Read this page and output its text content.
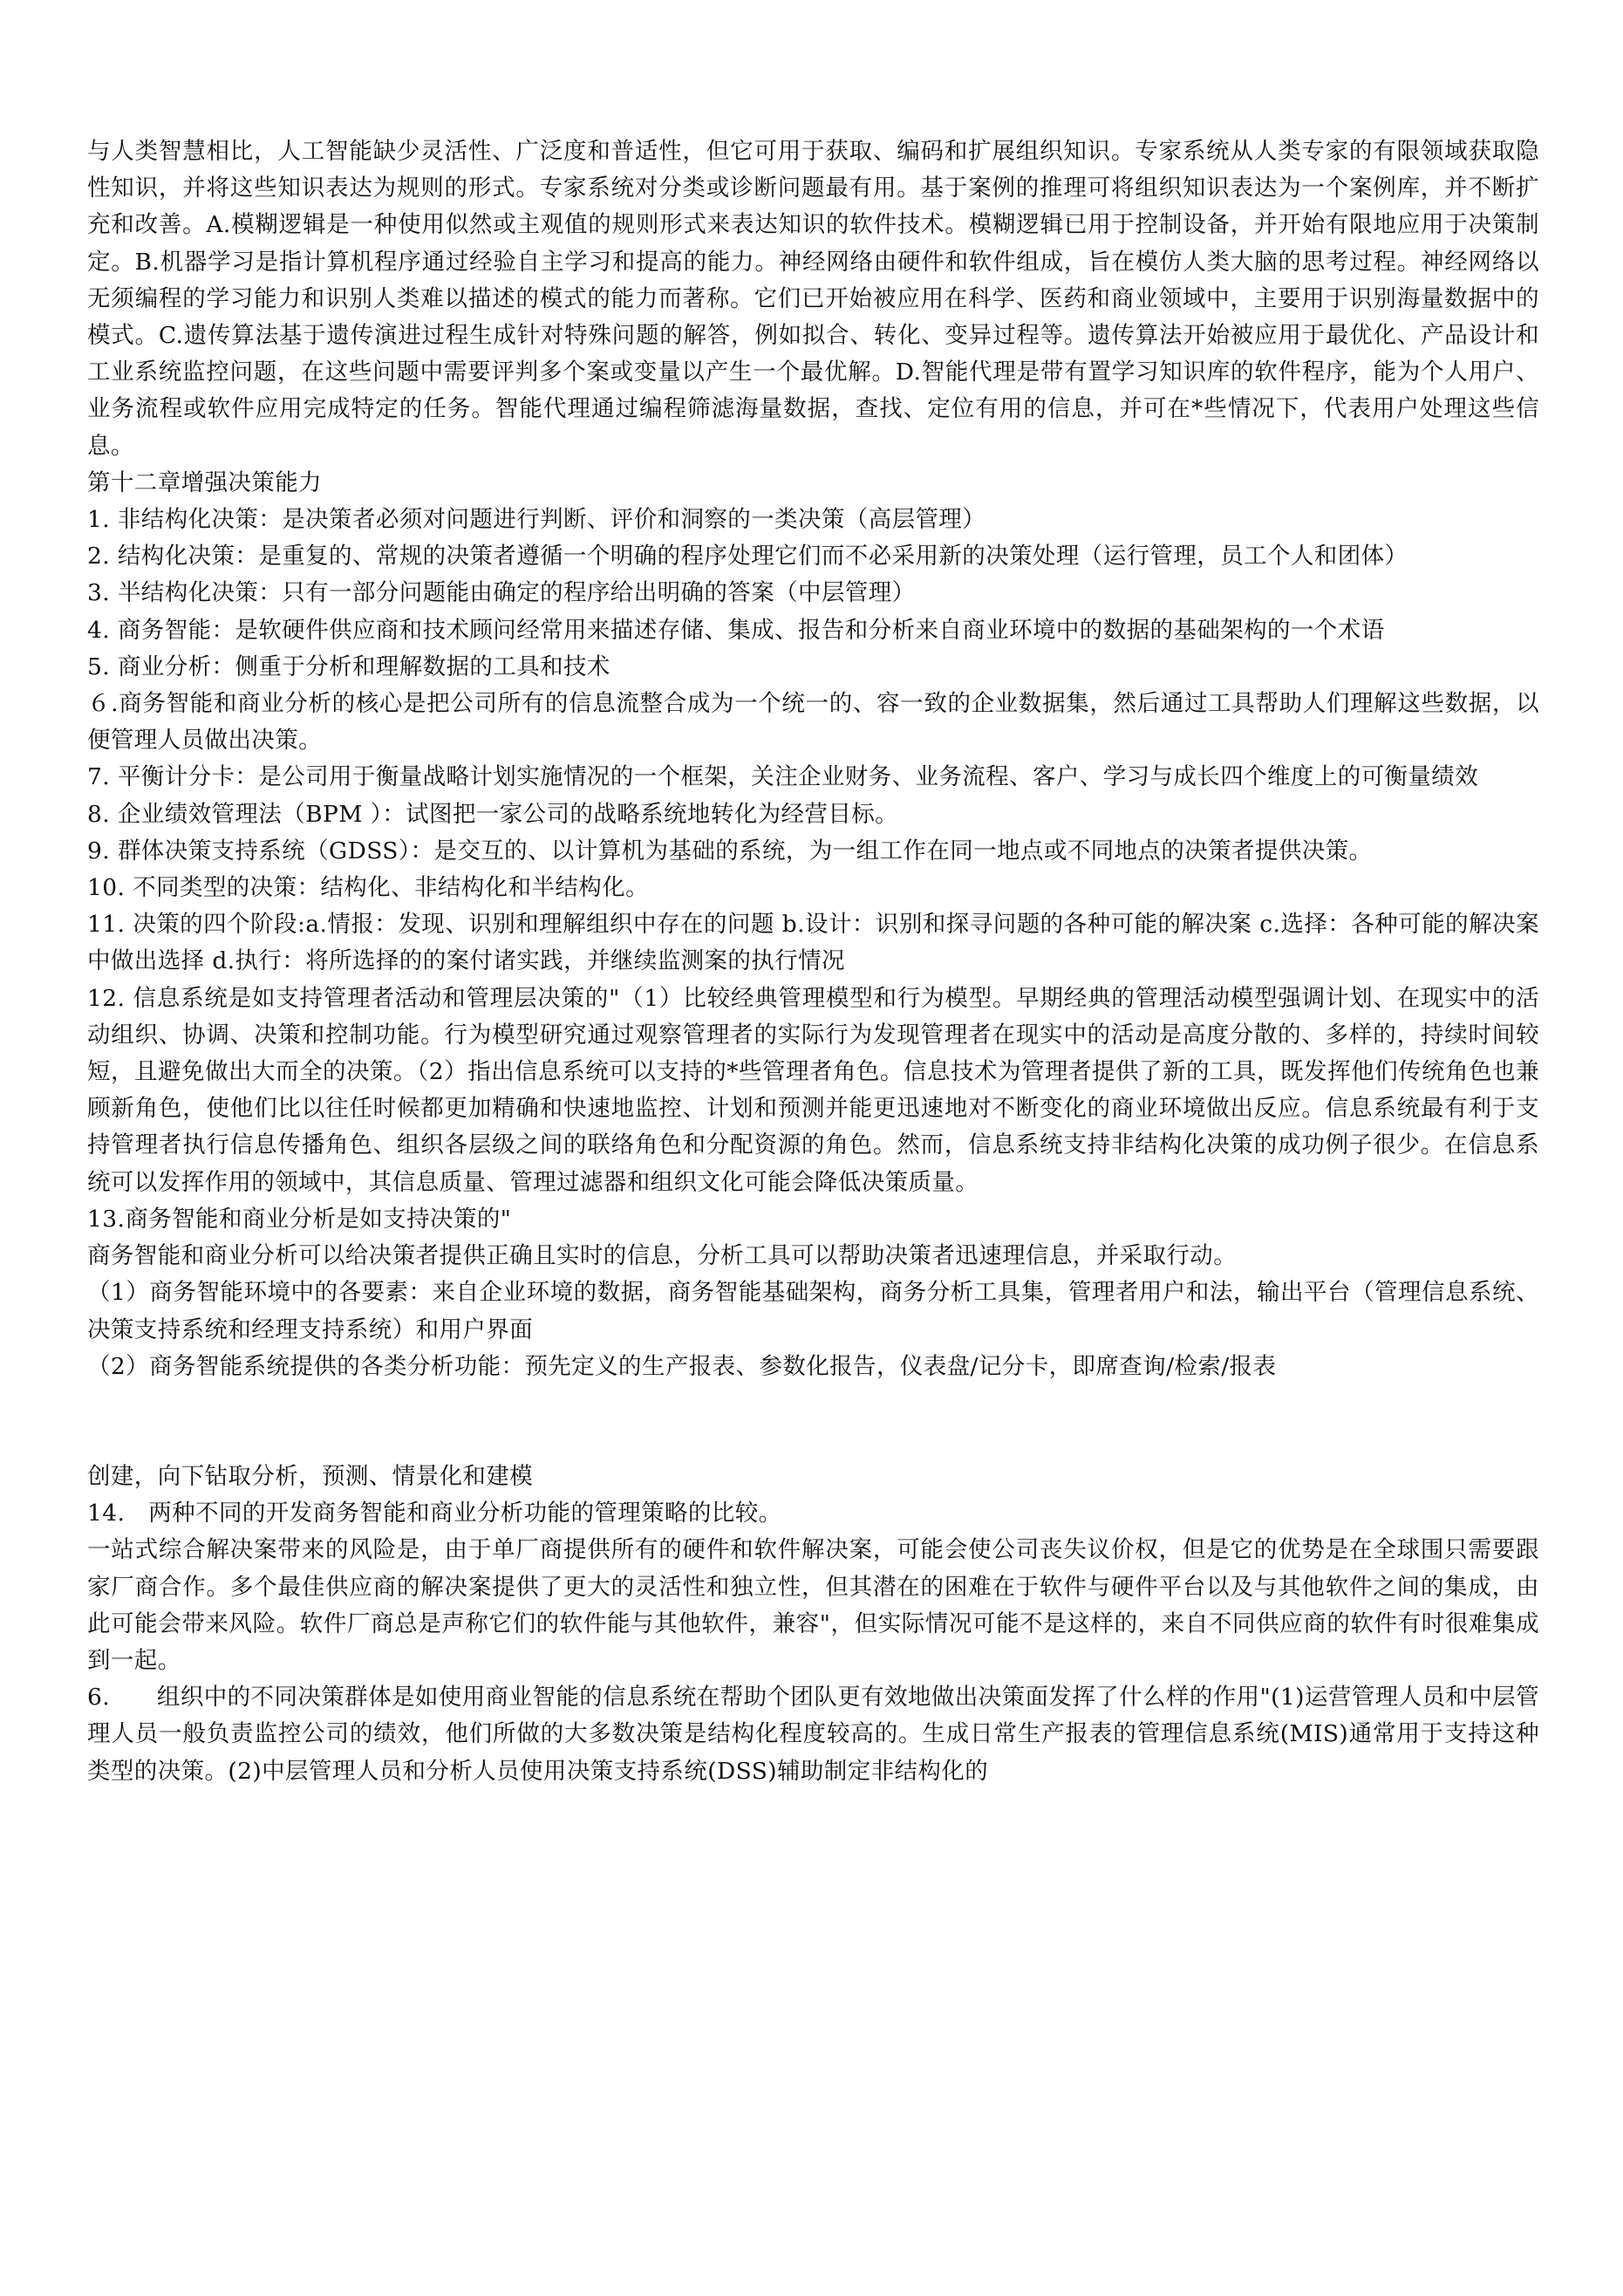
与人类智慧相比，人工智能缺少灵活性、广泛度和普适性，但它可用于获取、编码和扩展组织知识。专家系统从人类专家的有限领域获取隐性知识，并将这些知识表达为规则的形式。专家系统对分类或诊断问题最有用。基于案例的推理可将组织知识表达为一个案例库，并不断扩充和改善。A.模糊逻辑是一种使用似然或主观值的规则形式来表达知识的软件技术。模糊逻辑已用于控制设备，并开始有限地应用于决策制定。B.机器学习是指计算机程序通过经验自主学习和提高的能力。神经网络由硬件和软件组成，旨在模仿人类大脑的思考过程。神经网络以无须编程的学习能力和识别人类难以描述的模式的能力而著称。它们已开始被应用在科学、医药和商业领域中，主要用于识别海量数据中的模式。C.遗传算法基于遗传演进过程生成针对特殊问题的解答，例如拟合、转化、变异过程等。遗传算法开始被应用于最优化、产品设计和工业系统监控问题，在这些问题中需要评判多个案或变量以产生一个最优解。D.智能代理是带有置学习知识库的软件程序，能为个人用户、业务流程或软件应用完成特定的任务。智能代理通过编程筛滤海量数据，查找、定位有用的信息，并可在*些情况下，代表用户处理这些信息。

第十二章增强决策能力

1. 非结构化决策：是决策者必须对问题进行判断、评价和洞察的一类决策（高层管理）

2. 结构化决策：是重复的、常规的决策者遵循一个明确的程序处理它们而不必采用新的决策处理（运行管理，员工个人和团体）

3. 半结构化决策：只有一部分问题能由确定的程序给出明确的答案（中层管理）

4. 商务智能：是软硬件供应商和技术顾问经常用来描述存储、集成、报告和分析来自商业环境中的数据的基础架构的一个术语

5. 商业分析：侧重于分析和理解数据的工具和技术

６.商务智能和商业分析的核心是把公司所有的信息流整合成为一个统一的、容一致的企业数据集，然后通过工具帮助人们理解这些数据，以便管理人员做出决策。

7. 平衡计分卡：是公司用于衡量战略计划实施情况的一个框架，关注企业财务、业务流程、客户、学习与成长四个维度上的可衡量绩效

8. 企业绩效管理法（BPM ）：试图把一家公司的战略系统地转化为经营目标。

9. 群体决策支持系统（GDSS）：是交互的、以计算机为基础的系统，为一组工作在同一地点或不同地点的决策者提供决策。

10. 不同类型的决策：结构化、非结构化和半结构化。

11. 决策的四个阶段:a.情报：发现、识别和理解组织中存在的问题 b.设计：识别和探寻问题的各种可能的解决案 c.选择：各种可能的解决案中做出选择 d.执行：将所选择的的案付诸实践，并继续监测案的执行情况

12. 信息系统是如支持管理者活动和管理层决策的"（1）比较经典管理模型和行为模型。早期经典的管理活动模型强调计划、在现实中的活动组织、协调、决策和控制功能。行为模型研究通过观察管理者的实际行为发现管理者在现实中的活动是高度分散的、多样的，持续时间较短，且避免做出大而全的决策。（2）指出信息系统可以支持的*些管理者角色。信息技术为管理者提供了新的工具，既发挥他们传统角色也兼顾新角色，使他们比以往任时候都更加精确和快速地监控、计划和预测并能更迅速地对不断变化的商业环境做出反应。信息系统最有利于支持管理者执行信息传播角色、组织各层级之间的联络角色和分配资源的角色。然而，信息系统支持非结构化决策的成功例子很少。在信息系统可以发挥作用的领域中，其信息质量、管理过滤器和组织文化可能会降低决策质量。

13.商务智能和商业分析是如支持决策的"

商务智能和商业分析可以给决策者提供正确且实时的信息，分析工具可以帮助决策者迅速理信息，并采取行动。

（1）商务智能环境中的各要素：来自企业环境的数据，商务智能基础架构，商务分析工具集，管理者用户和法，输出平台（管理信息系统、决策支持系统和经理支持系统）和用户界面

（2）商务智能系统提供的各类分析功能：预先定义的生产报表、参数化报告，仪表盘/记分卡，即席查询/检索/报表

创建，向下钻取分析，预测、情景化和建模

14.　两种不同的开发商务智能和商业分析功能的管理策略的比较。

一站式综合解决案带来的风险是，由于单厂商提供所有的硬件和软件解决案，可能会使公司丧失议价权，但是它的优势是在全球围只需要跟家厂商合作。多个最佳供应商的解决案提供了更大的灵活性和独立性，但其潜在的困难在于软件与硬件平台以及与其他软件之间的集成，由此可能会带来风险。软件厂商总是声称它们的软件能与其他软件，兼容"，但实际情况可能不是这样的，来自不同供应商的软件有时很难集成到一起。

6.　　组织中的不同决策群体是如使用商业智能的信息系统在帮助个团队更有效地做出决策面发挥了什么样的作用"(1)运营管理人员和中层管理人员一般负责监控公司的绩效，他们所做的大多数决策是结构化程度较高的。生成日常生产报表的管理信息系统(MIS)通常用于支持这种类型的决策。(2)中层管理人员和分析人员使用决策支持系统(DSS)辅助制定非结构化的
